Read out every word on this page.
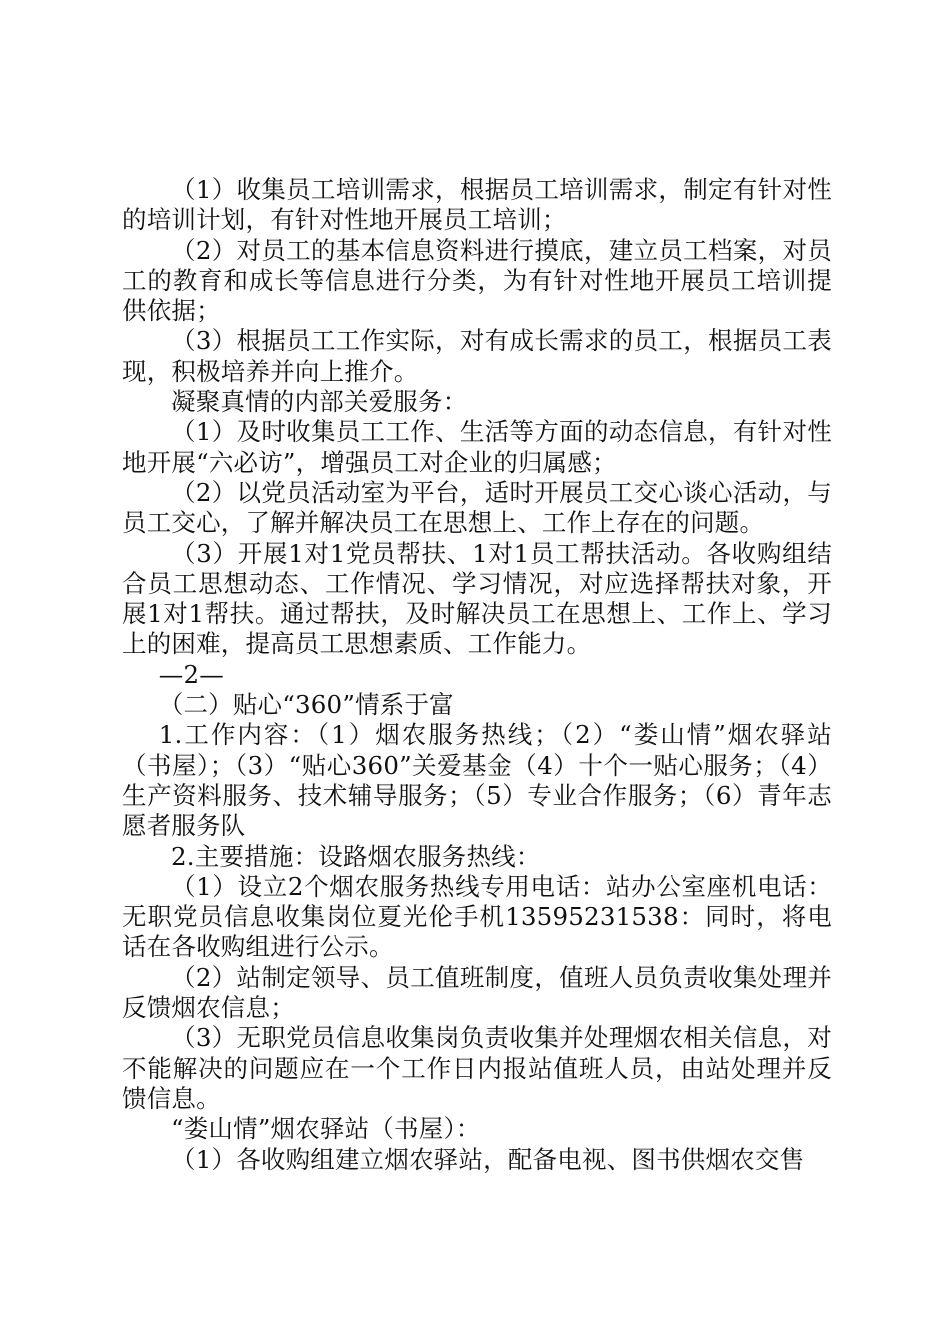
（1）收集员工培训需求，根据员工培训需求，制定有针对性的培训计划，有针对性地开展员工培训；

（2）对员工的基本信息资料进行摸底，建立员工档案，对员工的教育和成长等信息进行分类，为有针对性地开展员工培训提供依据；

（3）根据员工工作实际，对有成长需求的员工，根据员工表现，积极培养并向上推介。

凝聚真情的内部关爱服务：

（1）及时收集员工工作、生活等方面的动态信息，有针对性地开展“六必访”，增强员工对企业的归属感；

（2）以党员活动室为平台，适时开展员工交心谈心活动，与员工交心，了解并解决员工在思想上、工作上存在的问题。

（3）开展1对1党员帮扶、1对1员工帮扶活动。各收购组结合员工思想动态、工作情况、学习情况，对应选择帮扶对象，开展1对1帮扶。通过帮扶，及时解决员工在思想上、工作上、学习上的困难，提高员工思想素质、工作能力。

—2—

（二）贴心“360”情系于富

1.工作内容：（1）烟农服务热线；（2）“娄山情”烟农驿站（书屋）；（3）“贴心360”关爱基金（4）十个一贴心服务；（4）生产资料服务、技术辅导服务；（5）专业合作服务；（6）青年志愿者服务队

2.主要措施：设路烟农服务热线：

（1）设立2个烟农服务热线专用电话：站办公室座机电话：无职党员信息收集岗位夏光伦手机13595231538：同时，将电话在各收购组进行公示。

（2）站制定领导、员工值班制度，值班人员负责收集处理并反馈烟农信息；

（3）无职党员信息收集岗负责收集并处理烟农相关信息，对不能解决的问题应在一个工作日内报站值班人员，由站处理并反馈信息。

“娄山情”烟农驿站（书屋）：

（1）各收购组建立烟农驿站，配备电视、图书供烟农交售
